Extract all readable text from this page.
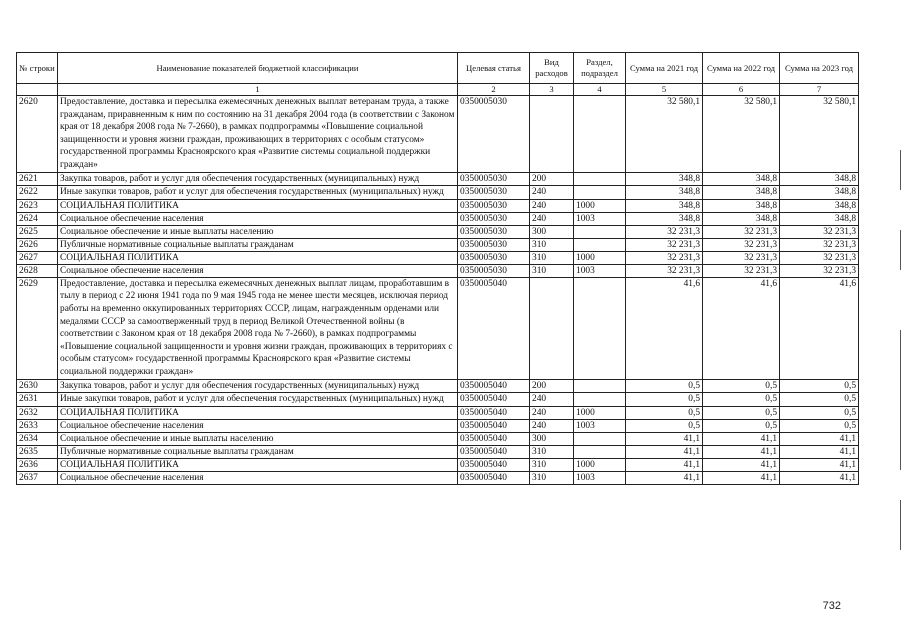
№ строки	Наименование показателей бюджетной классификации	Целевая статья	Вид расходов	Раздел, подраздел	Сумма на 2021 год	Сумма на 2022 год	Сумма на 2023 год
	1	2	3	4	5	6	7
2620	Предоставление, доставка и пересылка ежемесячных денежных выплат ветеранам труда, а также гражданам, приравненным к ним по состоянию на 31 декабря 2004 года (в соответствии с Законом края от 18 декабря 2008 года № 7-2660), в рамках подпрограммы «Повышение социальной защищенности и уровня жизни граждан, проживающих в территориях с особым статусом» государственной программы Красноярского края «Развитие системы социальной поддержки граждан»	0350005030			32 580,1	32 580,1	32 580,1
2621	Закупка товаров, работ и услуг для обеспечения государственных (муниципальных) нужд	0350005030	200		348,8	348,8	348,8
2622	Иные закупки товаров, работ и услуг для обеспечения государственных (муниципальных) нужд	0350005030	240		348,8	348,8	348,8
2623	СОЦИАЛЬНАЯ ПОЛИТИКА	0350005030	240	1000	348,8	348,8	348,8
2624	Социальное обеспечение населения	0350005030	240	1003	348,8	348,8	348,8
2625	Социальное обеспечение и иные выплаты населению	0350005030	300		32 231,3	32 231,3	32 231,3
2626	Публичные нормативные социальные выплаты гражданам	0350005030	310		32 231,3	32 231,3	32 231,3
2627	СОЦИАЛЬНАЯ ПОЛИТИКА	0350005030	310	1000	32 231,3	32 231,3	32 231,3
2628	Социальное обеспечение населения	0350005030	310	1003	32 231,3	32 231,3	32 231,3
2629	Предоставление, доставка и пересылка ежемесячных денежных выплат лицам, проработавшим в тылу в период с 22 июня 1941 года по 9 мая 1945 года не менее шести месяцев, исключая период работы на временно оккупированных территориях СССР, лицам, награжденным орденами или медалями СССР за самоотверженный труд в период Великой Отечественной войны (в соответствии с Законом края от 18 декабря 2008 года № 7-2660), в рамках подпрограммы «Повышение социальной защищенности и уровня жизни граждан, проживающих в территориях с особым статусом» государственной программы Красноярского края «Развитие системы социальной поддержки граждан»	0350005040			41,6	41,6	41,6
2630	Закупка товаров, работ и услуг для обеспечения государственных (муниципальных) нужд	0350005040	200		0,5	0,5	0,5
2631	Иные закупки товаров, работ и услуг для обеспечения государственных (муниципальных) нужд	0350005040	240		0,5	0,5	0,5
2632	СОЦИАЛЬНАЯ ПОЛИТИКА	0350005040	240	1000	0,5	0,5	0,5
2633	Социальное обеспечение населения	0350005040	240	1003	0,5	0,5	0,5
2634	Социальное обеспечение и иные выплаты населению	0350005040	300		41,1	41,1	41,1
2635	Публичные нормативные социальные выплаты гражданам	0350005040	310		41,1	41,1	41,1
2636	СОЦИАЛЬНАЯ ПОЛИТИКА	0350005040	310	1000	41,1	41,1	41,1
2637	Социальное обеспечение населения	0350005040	310	1003	41,1	41,1	41,1
732
